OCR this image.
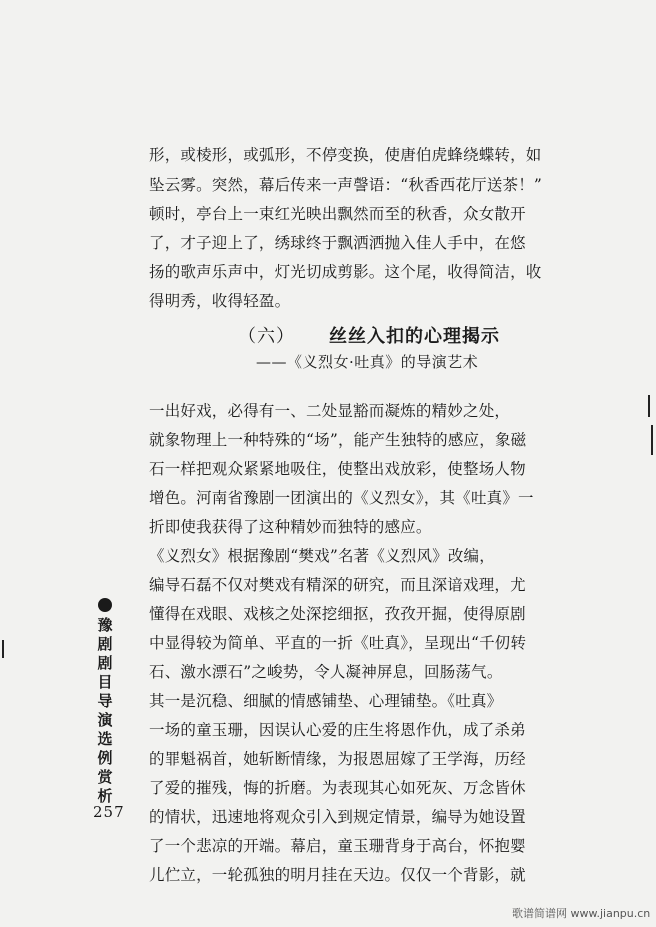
形，或棱形，或弧形，不停变换，使唐伯虎蜂绕蝶转，如
坠云雾。突然，幕后传来一声謦语：“秋香西花厅送茶！”
顿时，亭台上一束红光映出飘然而至的秋香，众女散开
了，才子迎上了，绣球终于飘洒洒抛入佳人手中，在悠
扬的歌声乐声中，灯光切成剪影。这个尾，收得简洁，收
得明秀，收得轻盈。
（六） 丝丝入扣的心理揭示
——《义烈女·吐真》的导演艺术
一出好戏，必得有一、二处显豁而凝炼的精妙之处，
就象物理上一种特殊的“场”，能产生独特的感应，象磁
石一样把观众紧紧地吸住，使整出戏放彩，使整场人物
增色。河南省豫剧一团演出的《义烈女》，其《吐真》一
折即使我获得了这种精妙而独特的感应。
《义烈女》根据豫剧“樊戏”名著《义烈风》改编，
编导石磊不仅对樊戏有精深的研究，而且深谙戏理，尤
懂得在戏眼、戏核之处深挖细抠，孜孜开掘，使得原剧
中显得较为简单、平直的一折《吐真》，呈现出“千仞转
石、激水漂石”之峻势，令人凝神屏息，回肠荡气。
其一是沉稳、细腻的情感铺垫、心理铺垫。《吐真》
一场的童玉珊，因误认心爱的庄生将恩作仇，成了杀弟
的罪魁祸首，她斩断情缘，为报恩屈嫁了王学海，历经
了爱的摧残，悔的折磨。为表现其心如死灰、万念皆休
的情状，迅速地将观众引入到规定情景，编导为她设置
了一个悲凉的开端。幕启，童玉珊背身于高台，怀抱婴
儿伫立，一轮孤独的明月挂在天边。仅仅一个背影，就
豫剧剧目导演选例赏析
257
歌谱简谱网 www.jianpu.cn
